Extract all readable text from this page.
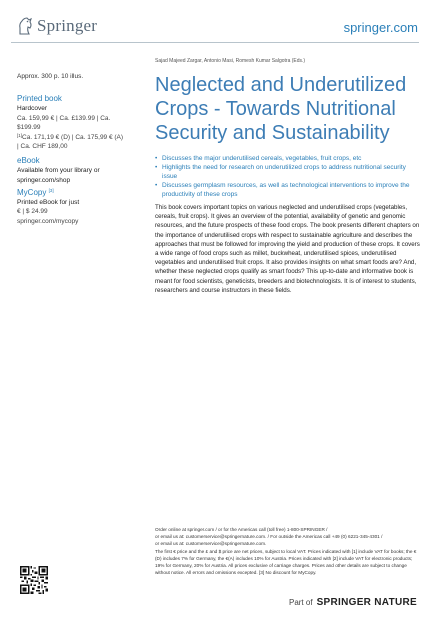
Springer	springer.com
Approx. 300 p. 10 illus.
Printed book
Hardcover
Ca. 159,99 € | Ca. £139.99 | Ca.
$199.99
[1]Ca. 171,19 € (D) | Ca. 175,99 € (A)
| Ca. CHF 189,00
eBook
Available from your library or
springer.com/shop
MyCopy [3]
Printed eBook for just
€ | $ 24.99
springer.com/mycopy
Sajad Majeed Zargar, Antonio Masi, Romesh Kumar Salgotra (Eds.)
Neglected and Underutilized Crops - Towards Nutritional Security and Sustainability
• Discusses the major underutilised cereals, vegetables, fruit crops, etc
• Highlights the need for research on underutilized crops to address nutritional security issue
• Discusses germplasm resources, as well as technological interventions to improve the productivity of these crops

This book covers important topics on various neglected and underutilised crops (vegetables, cereals, fruit crops). It gives an overview of the potential, availability of genetic and genomic resources, and the future prospects of these food crops. The book presents different chapters on the importance of underutilised crops with respect to sustainable agriculture and describes the approaches that must be followed for improving the yield and production of these crops. It covers a wide range of food crops such as millet, buckwheat, underutilised spices, underutilised vegetables and underutilised fruit crops. It also provides insights on what smart foods are? And, whether these neglected crops qualify as smart foods? This up-to-date and informative book is meant for food scientists, geneticists, breeders and biotechnologists. It is of interest to students, researchers and course instructors in these fields.

Order online at springer.com / or for the Americas call (toll free) 1-800-SPRINGER /
or email us at: customerservice@springernature.com. / For outside the Americas call +49 (0) 6221-345-4301 /
or email us at: customerservice@springernature.com.

The first € price and the £ and $ price are net prices, subject to local VAT. Prices indicated with [1] include VAT for books; the €(D) includes 7% for Germany, the €(A) includes 10% for Austria. Prices indicated with [2] include VAT for electronic products; 19% for Germany, 20% for Austria. All prices exclusive of carriage charges. Prices and other details are subject to change without notice. All errors and omissions excepted. [3] No discount for MyCopy.

Part of SPRINGER NATURE
